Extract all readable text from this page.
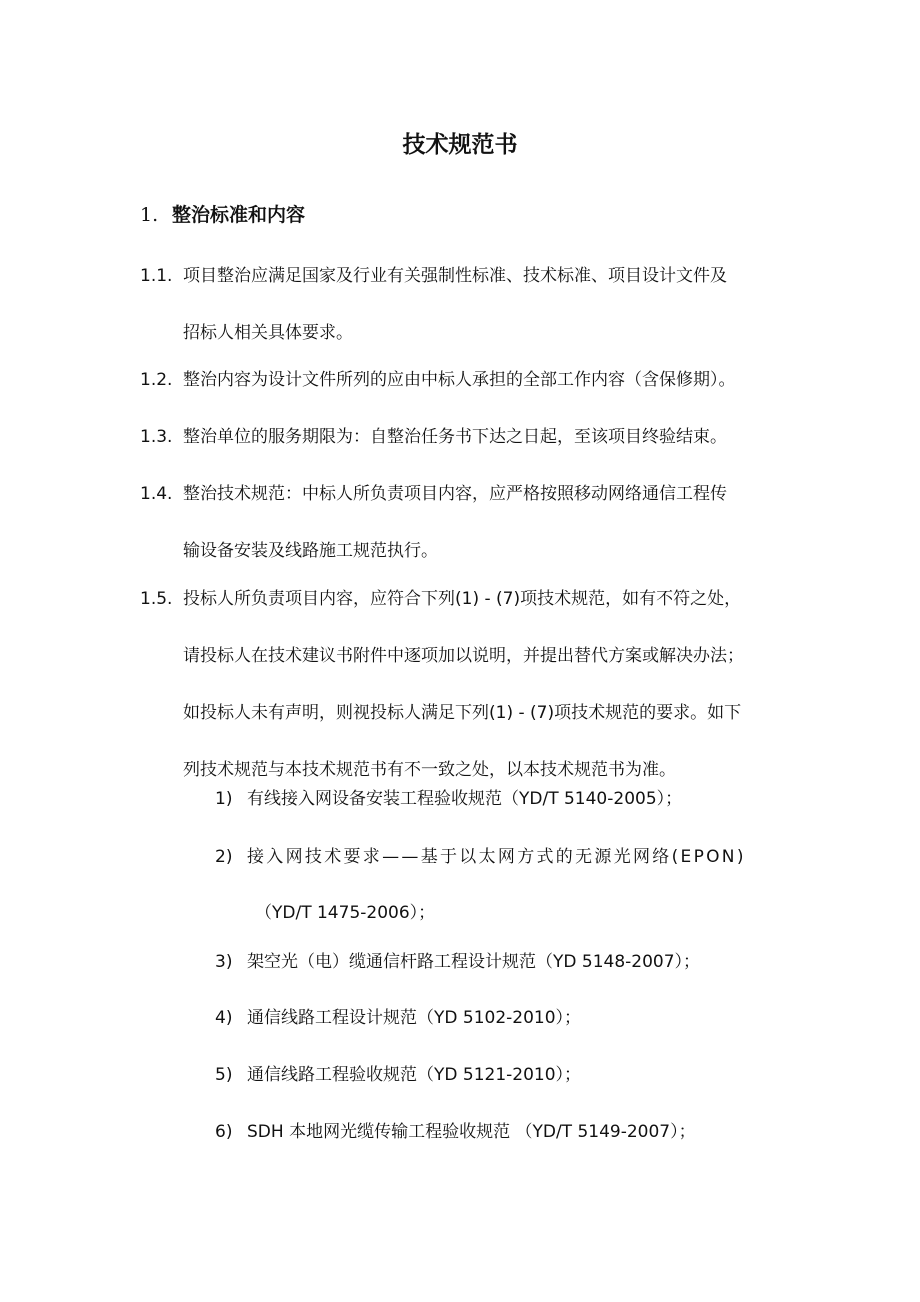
技术规范书
1. 整治标准和内容
1.1. 项目整治应满足国家及行业有关强制性标准、技术标准、项目设计文件及
招标人相关具体要求。
1.2. 整治内容为设计文件所列的应由中标人承担的全部工作内容（含保修期）。
1.3. 整治单位的服务期限为：自整治任务书下达之日起，至该项目终验结束。
1.4. 整治技术规范：中标人所负责项目内容，应严格按照移动网络通信工程传
输设备安装及线路施工规范执行。
1.5. 投标人所负责项目内容，应符合下列(1) - (7)项技术规范，如有不符之处，
请投标人在技术建议书附件中逐项加以说明，并提出替代方案或解决办法；
如投标人未有声明，则视投标人满足下列(1) - (7)项技术规范的要求。如下
列技术规范与本技术规范书有不一致之处，以本技术规范书为准。
1) 有线接入网设备安装工程验收规范（YD/T 5140-2005）；
2) 接入网技术要求——基于以太网方式的无源光网络(EPON)
（YD/T 1475-2006）；
3) 架空光（电）缆通信杆路工程设计规范（YD 5148-2007）；
4) 通信线路工程设计规范（YD 5102-2010）；
5) 通信线路工程验收规范（YD 5121-2010）；
6) SDH 本地网光缆传输工程验收规范 （YD/T 5149-2007）；
